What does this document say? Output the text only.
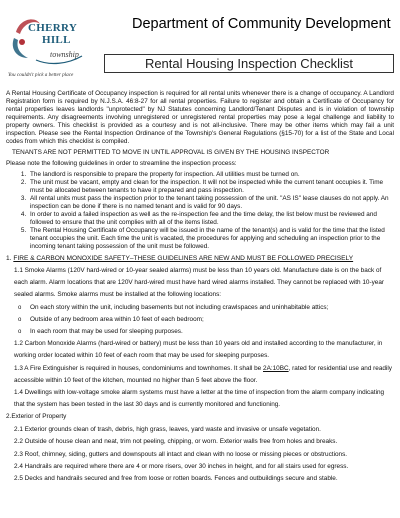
CHERRY
HILL
township
You couldn't pick a better place
Department of Community Development
Rental Housing Inspection Checklist

A Rental Housing Certificate of Occupancy inspection is required for all rental units whenever there is a change of occupancy. A Landlord Registration form is required by N.J.S.A. 46:8-27 for all rental properties. Failure to register and obtain a Certificate of Occupancy for rental properties leaves landlords "unprotected" by NJ Statutes concerning Landlord/Tenant Disputes and is in violation of township requirements. Any disagreements involving unregistered or unregistered rental properties may pose a legal challenge and liability to property owners. This checklist is provided as a courtesy and is not all-inclusive. There may be other items which may fail a unit inspection. Please see the Rental Inspection Ordinance of the Township's General Regulations (§15-70) for a list of the State and Local codes from which this checklist is compiled.

TENANTS ARE NOT PERMITTED TO MOVE IN UNTIL APPROVAL IS GIVEN BY THE HOUSING INSPECTOR

Please note the following guidelines in order to streamline the inspection process:

1. The landlord is responsible to prepare the property for inspection. All utilities must be turned on.
2. The unit must be vacant, empty and clean for the inspection. It will not be inspected while the current tenant occupies it. Time must be allocated between tenants to have it prepared and pass inspection.
3. All rental units must pass the inspection prior to the tenant taking possession of the unit. "AS IS" lease clauses do not apply. An inspection can be done if there is no named tenant and is valid for 90 days.
4. In order to avoid a failed inspection as well as the re-inspection fee and the time delay, the list below must be reviewed and followed to ensure that the unit complies with all of the items listed.
5. The Rental Housing Certificate of Occupancy will be issued in the name of the tenant(s) and is valid for the time that the listed tenant occupies the unit. Each time the unit is vacated, the procedures for applying and scheduling an inspection prior to the incoming tenant taking possession of the unit must be followed.
1. FIRE & CARBON MONOXIDE SAFETY–THESE GUIDELINES ARE NEW AND MUST BE FOLLOWED PRECISELY

1.1 Smoke Alarms (120V hard-wired or 10-year sealed alarms) must be less than 10 years old. Manufacture date is on the back of each alarm. Alarm locations that are 120V hard-wired must have hard wired alarms installed. They cannot be replaced with 10-year sealed alarms. Smoke alarms must be installed at the following locations:

o On each story within the unit, including basements but not including crawlspaces and uninhabitable attics;
o Outside of any bedroom area within 10 feet of each bedroom;
o In each room that may be used for sleeping purposes.

1.2 Carbon Monoxide Alarms (hard-wired or battery) must be less than 10 years old and installed according to the manufacturer, in working order located within 10 feet of each room that may be used for sleeping purposes.

1.3 A Fire Extinguisher is required in houses, condominiums and townhomes. It shall be 2A:10BC, rated for residential use and readily accessible within 10 feet of the kitchen, mounted no higher than 5 feet above the floor.

1.4 Dwellings with low-voltage smoke alarm systems must have a letter at the time of inspection from the alarm company indicating that the system has been tested in the last 30 days and is currently monitored and functioning.

2.Exterior of Property
2.1 Exterior grounds clean of trash, debris, high grass, leaves, yard waste and invasive or unsafe vegetation.
2.2 Outside of house clean and neat, trim not peeling, chipping, or worn. Exterior walls free from holes and breaks.
2.3 Roof, chimney, siding, gutters and downspouts all intact and clean with no loose or missing pieces or obstructions.
2.4 Handrails are required where there are 4 or more risers, over 30 inches in height, and for all stairs used for egress.
2.5 Decks and handrails secured and free from loose or rotten boards. Fences and outbuildings secure and stable.
